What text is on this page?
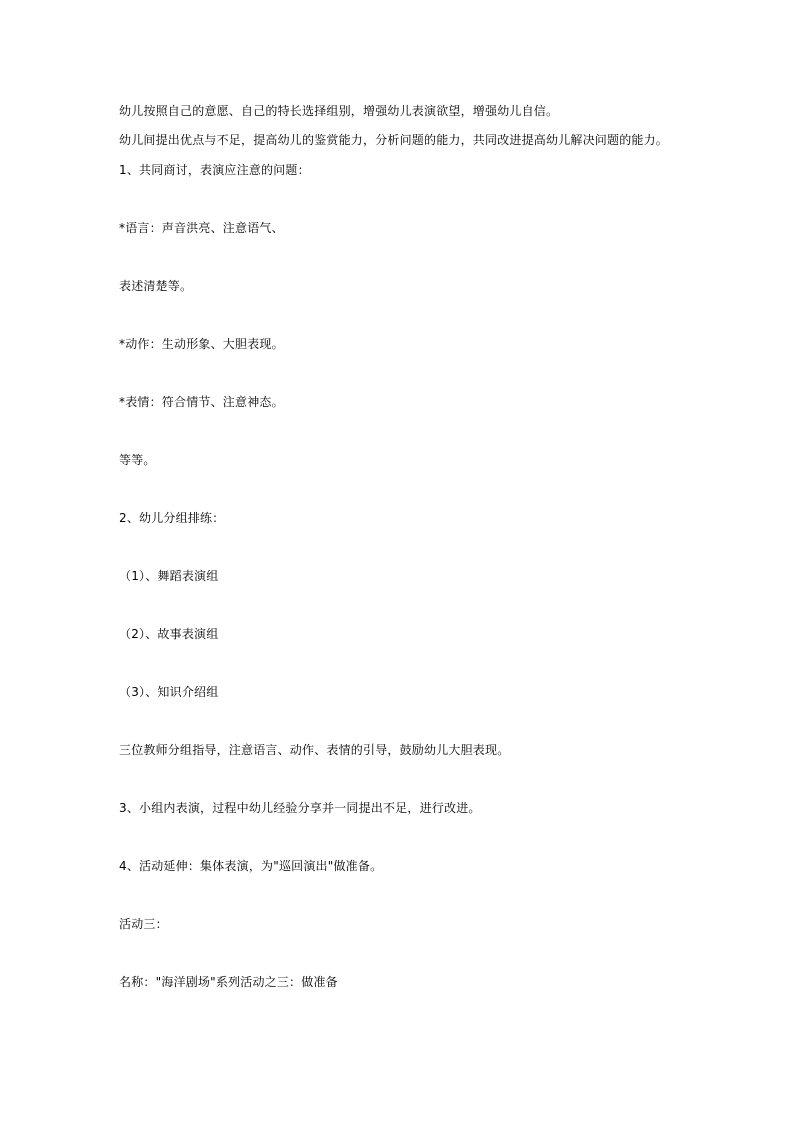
幼儿按照自己的意愿、自己的特长选择组别，增强幼儿表演欲望，增强幼儿自信。
幼儿间提出优点与不足，提高幼儿的鉴赏能力，分析问题的能力，共同改进提高幼儿解决问题的能力。
1、共同商讨，表演应注意的问题：
*语言：声音洪亮、注意语气、
表述清楚等。
*动作：生动形象、大胆表现。
*表情：符合情节、注意神态。
等等。
2、幼儿分组排练：
（1）、舞蹈表演组
（2）、故事表演组
（3）、知识介绍组
三位教师分组指导，注意语言、动作、表情的引导，鼓励幼儿大胆表现。
3、小组内表演，过程中幼儿经验分享并一同提出不足，进行改进。
4、活动延伸：集体表演，为"巡回演出"做准备。
活动三：
名称："海洋剧场"系列活动之三：做准备
